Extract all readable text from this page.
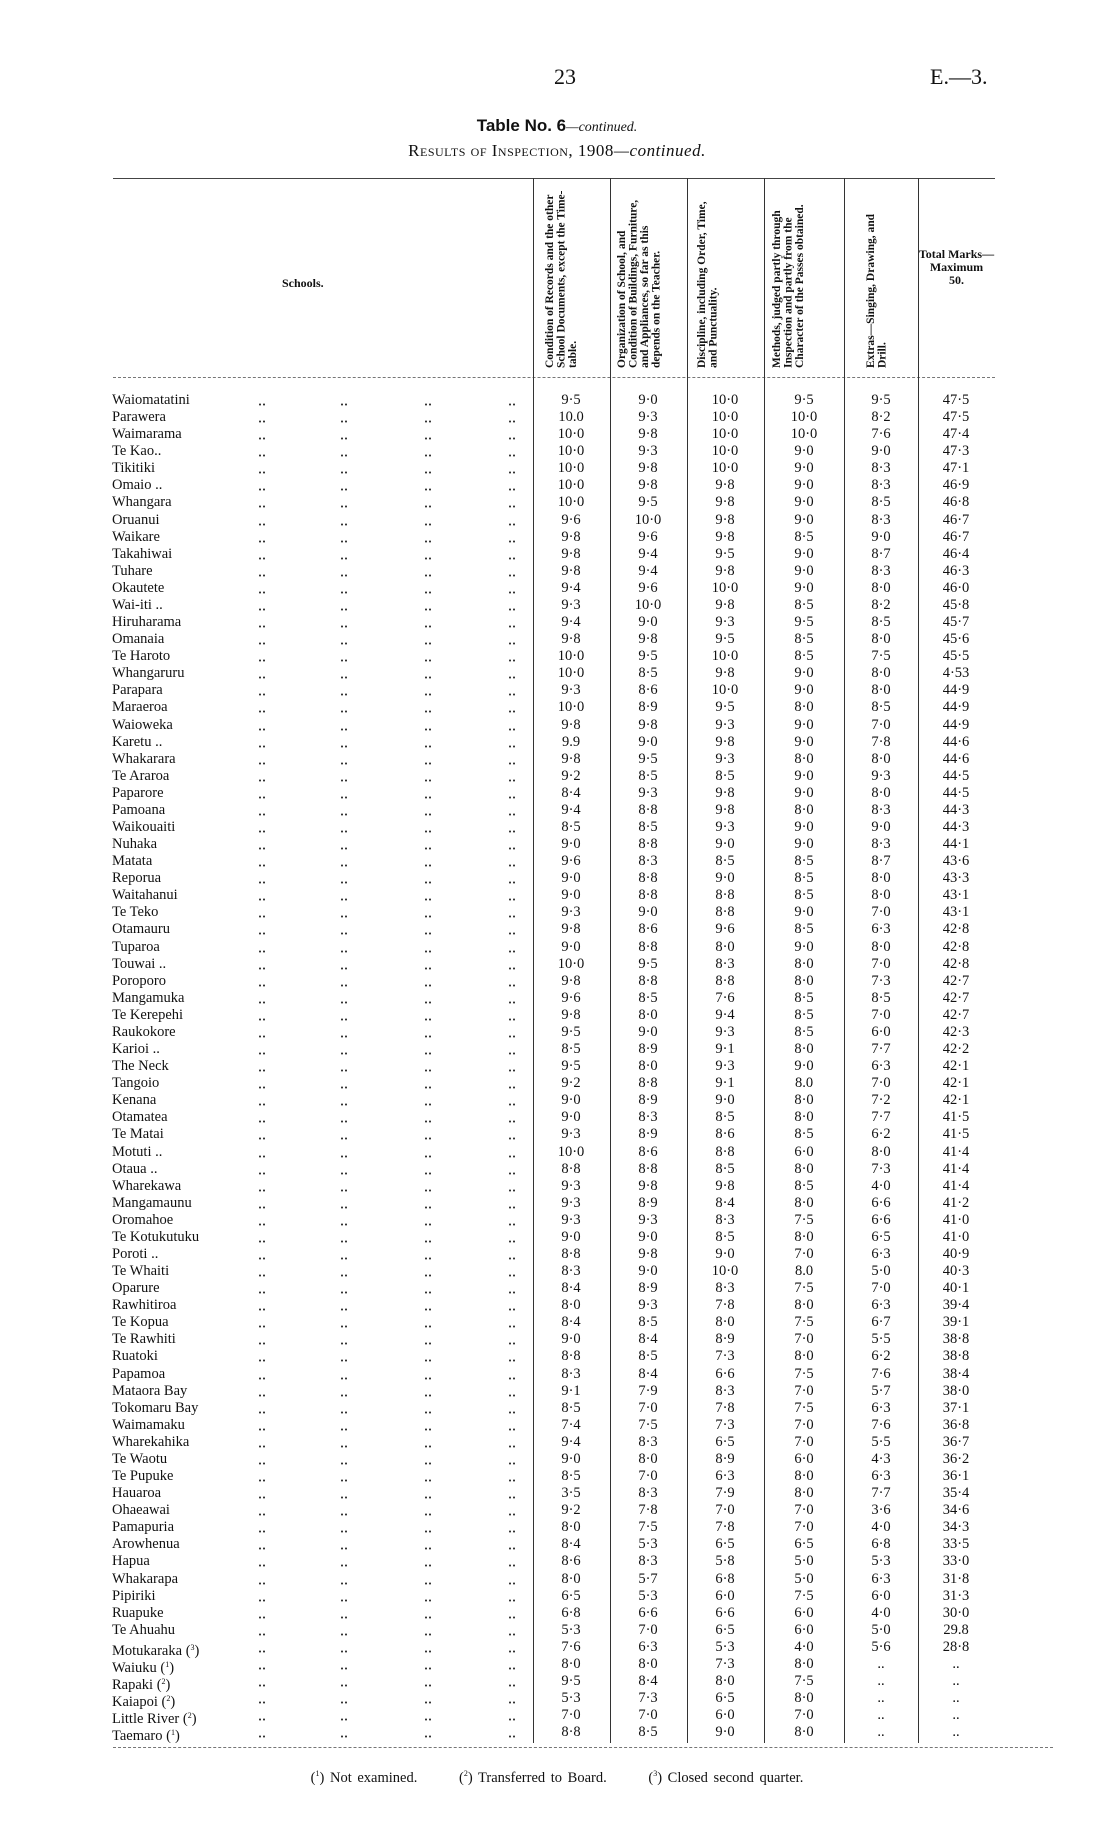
23	E.—3.
Table No. 6—continued.
Results of Inspection, 1908—continued.
Schools.	Condition of Records and the other School Documents, except the Time-table.	Organization of School, and Condition of Buildings, Furniture, and Appliances, so far as this depends on the Teacher.	Discipline, including Order, Time, and Punctuality.	Methods, judged partly through Inspection and partly from the Character of the Passes obtained.	Extras—Singing, Drawing, and Drill.
Total Marks—
Maximum
50.
Waiomatatini	9·5	9·0	10·0	9·5	9·5	47·5
Parawera	10.0	9·3	10·0	10·0	8·2	47·5
Waimarama	10·0	9·8	10·0	10·0	7·6	47·4
Te Kao..	10·0	9·3	10·0	9·0	9·0	47·3
Tikitiki	10·0	9·8	10·0	9·0	8·3	47·1
Omaio ..	10·0	9·8	9·8	9·0	8·3	46·9
Whangara	10·0	9·5	9·8	9·0	8·5	46·8
Oruanui	9·6	10·0	9·8	9·0	8·3	46·7
Waikare	9·8	9·6	9·8	8·5	9·0	46·7
Takahiwai	9·8	9·4	9·5	9·0	8·7	46·4
Tuhare	9·8	9·4	9·8	9·0	8·3	46·3
Okautete	9·4	9·6	10·0	9·0	8·0	46·0
Wai-iti ..	9·3	10·0	9·8	8·5	8·2	45·8
Hiruharama	9·4	9·0	9·3	9·5	8·5	45·7
Omanaia	9·8	9·8	9·5	8·5	8·0	45·6
Te Haroto	10·0	9·5	10·0	8·5	7·5	45·5
Whangaruru	10·0	8·5	9·8	9·0	8·0	4·53
Parapara	9·3	8·6	10·0	9·0	8·0	44·9
Maraeroa	10·0	8·9	9·5	8·0	8·5	44·9
Waioweka	9·8	9·8	9·3	9·0	7·0	44·9
Karetu ..	9.9	9·0	9·8	9·0	7·8	44·6
Whakarara	9·8	9·5	9·3	8·0	8·0	44·6
Te Araroa	9·2	8·5	8·5	9·0	9·3	44·5
Paparore	8·4	9·3	9·8	9·0	8·0	44·5
Pamoana	9·4	8·8	9·8	8·0	8·3	44·3
Waikouaiti	8·5	8·5	9·3	9·0	9·0	44·3
Nuhaka	9·0	8·8	9·0	9·0	8·3	44·1
Matata	9·6	8·3	8·5	8·5	8·7	43·6
Reporua	9·0	8·8	9·0	8·5	8·0	43·3
Waitahanui	9·0	8·8	8·8	8·5	8·0	43·1
Te Teko	9·3	9·0	8·8	9·0	7·0	43·1
Otamauru	9·8	8·6	9·6	8·5	6·3	42·8
Tuparoa	9·0	8·8	8·0	9·0	8·0	42·8
Touwai ..	10·0	9·5	8·3	8·0	7·0	42·8
Poroporo	9·8	8·8	8·8	8·0	7·3	42·7
Mangamuka	9·6	8·5	7·6	8·5	8·5	42·7
Te Kerepehi	9·8	8·0	9·4	8·5	7·0	42·7
Raukokore	9·5	9·0	9·3	8·5	6·0	42·3
Karioi ..	8·5	8·9	9·1	8·0	7·7	42·2
The Neck	9·5	8·0	9·3	9·0	6·3	42·1
Tangoio	9·2	8·8	9·1	8.0	7·0	42·1
Kenana	9·0	8·9	9·0	8·0	7·2	42·1
Otamatea	9·0	8·3	8·5	8·0	7·7	41·5
Te Matai	9·3	8·9	8·6	8·5	6·2	41·5
Motuti ..	10·0	8·6	8·8	6·0	8·0	41·4
Otaua ..	8·8	8·8	8·5	8·0	7·3	41·4
Wharekawa	9·3	9·8	9·8	8·5	4·0	41·4
Mangamaunu	9·3	8·9	8·4	8·0	6·6	41·2
Oromahoe	9·3	9·3	8·3	7·5	6·6	41·0
Te Kotukutuku	9·0	9·0	8·5	8·0	6·5	41·0
Poroti ..	8·8	9·8	9·0	7·0	6·3	40·9
Te Whaiti	8·3	9·0	10·0	8.0	5·0	40·3
Oparure	8·4	8·9	8·3	7·5	7·0	40·1
Rawhitiroa	8·0	9·3	7·8	8·0	6·3	39·4
Te Kopua	8·4	8·5	8·0	7·5	6·7	39·1
Te Rawhiti	9·0	8·4	8·9	7·0	5·5	38·8
Ruatoki	8·8	8·5	7·3	8·0	6·2	38·8
Papamoa	8·3	8·4	6·6	7·5	7·6	38·4
Mataora Bay	9·1	7·9	8·3	7·0	5·7	38·0
Tokomaru Bay	8·5	7·0	7·8	7·5	6·3	37·1
Waimamaku	7·4	7·5	7·3	7·0	7·6	36·8
Wharekahika	9·4	8·3	6·5	7·0	5·5	36·7
Te Waotu	9·0	8·0	8·9	6·0	4·3	36·2
Te Pupuke	8·5	7·0	6·3	8·0	6·3	36·1
Hauaroa	3·5	8·3	7·9	8·0	7·7	35·4
Ohaeawai	9·2	7·8	7·0	7·0	3·6	34·6
Pamapuria	8·0	7·5	7·8	7·0	4·0	34·3
Arowhenua	8·4	5·3	6·5	6·5	6·8	33·5
Hapua	8·6	8·3	5·8	5·0	5·3	33·0
Whakarapa	8·0	5·7	6·8	5·0	6·3	31·8
Pipiriki	6·5	5·3	6·0	7·5	6·0	31·3
Ruapuke	6·8	6·6	6·6	6·0	4·0	30·0
Te Ahuahu	5·3	7·0	6·5	6·0	5·0	29.8
Motukaraka ($^3$)	7·6	6·3	5·3	4·0	5·6	28·8
Waiuku ($^1$)	8·0	8·0	7·3	8·0	..	..
Rapaki ($^2$)	9·5	8·4	8·0	7·5	..	..
Kaiapoi ($^2$)	5·3	7·3	6·5	8·0	..	..
Little River ($^2$)	7·0	7·0	6·0	7·0	..	..
Taemaro ($^1$)	8·8	8·5	9·0	8·0	..	..
($^1$) Not examined.	($^2$) Transferred to Board.	($^3$) Closed second quarter.
